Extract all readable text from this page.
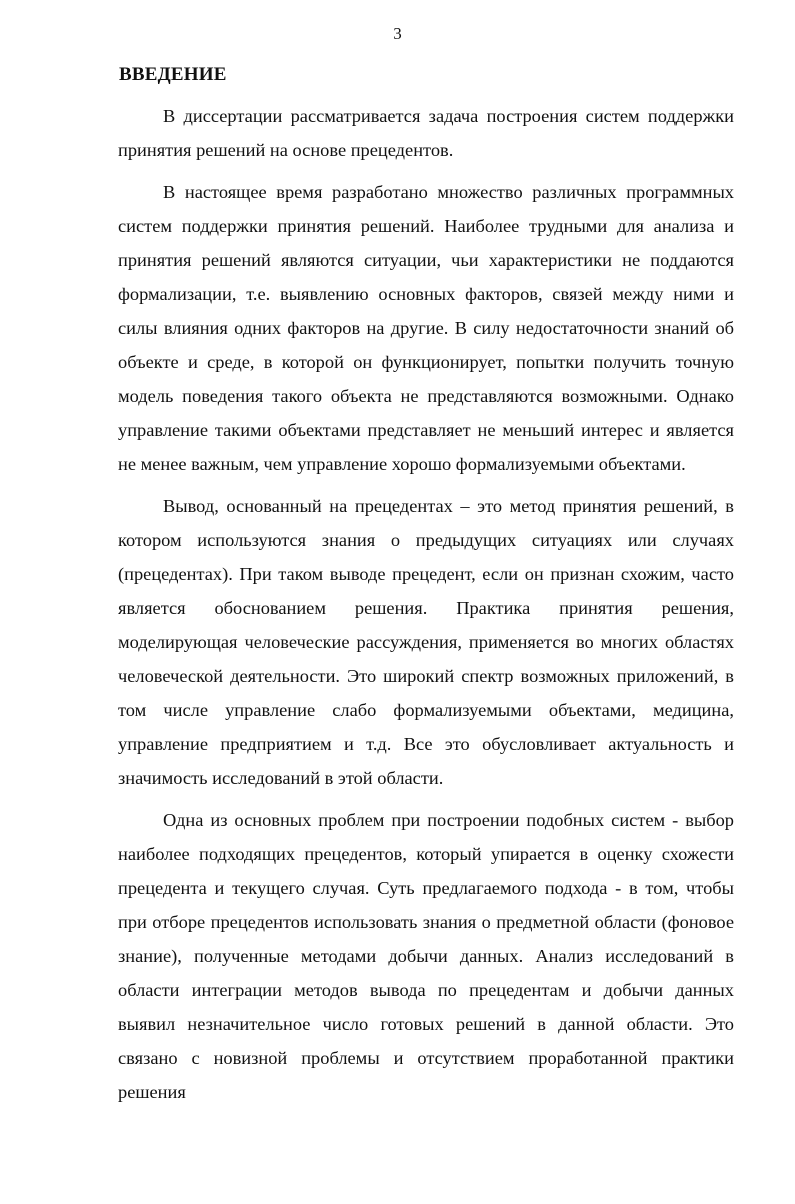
3
ВВЕДЕНИЕ

В диссертации рассматривается задача построения систем поддержки принятия решений на основе прецедентов.

В настоящее время разработано множество различных программных систем поддержки принятия решений. Наиболее трудными для анализа и принятия решений являются ситуации, чьи характеристики не поддаются формализации, т.е. выявлению основных факторов, связей между ними и силы влияния одних факторов на другие. В силу недостаточности знаний об объекте и среде, в которой он функционирует, попытки получить точную модель поведения такого объекта не представляются возможными. Однако управление такими объектами представляет не меньший интерес и является не менее важным, чем управление хорошо формализуемыми объектами.

Вывод, основанный на прецедентах – это метод принятия решений, в котором используются знания о предыдущих ситуациях или случаях (прецедентах). При таком выводе прецедент, если он признан схожим, часто является обоснованием решения. Практика принятия решения, моделирующая человеческие рассуждения, применяется во многих областях человеческой деятельности. Это широкий спектр возможных приложений, в том числе управление слабо формализуемыми объектами, медицина, управление предприятием и т.д. Все это обусловливает актуальность и значимость исследований в этой области.

Одна из основных проблем при построении подобных систем - выбор наиболее подходящих прецедентов, который упирается в оценку схожести прецедента и текущего случая. Суть предлагаемого подхода - в том, чтобы при отборе прецедентов использовать знания о предметной области (фоновое знание), полученные методами добычи данных. Анализ исследований в области интеграции методов вывода по прецедентам и добычи данных выявил незначительное число готовых решений в данной области. Это связано с новизной проблемы и отсутствием проработанной практики решения
